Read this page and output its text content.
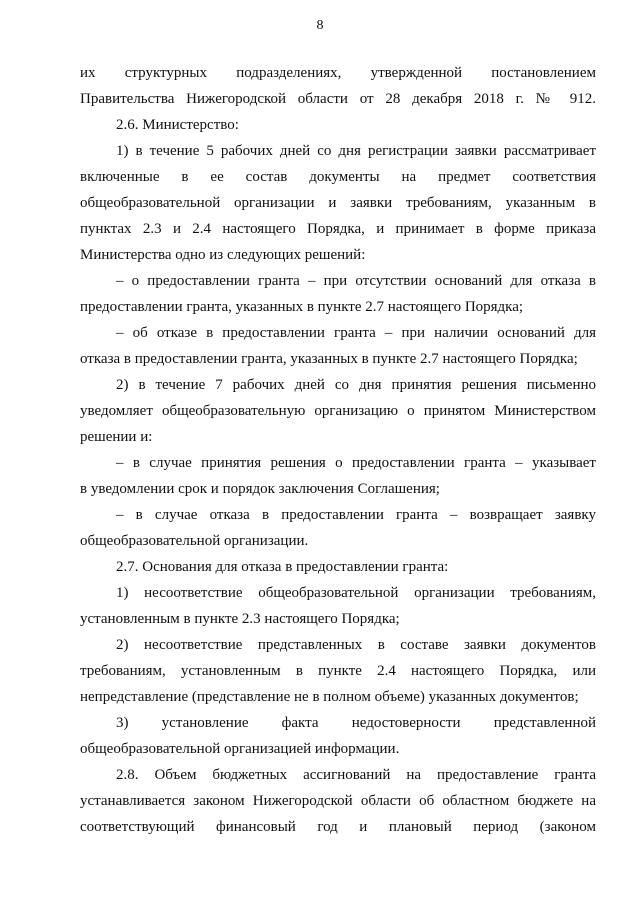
8
их структурных подразделениях, утвержденной постановлением
Правительства Нижегородской области от 28 декабря 2018 г. № 912.
2.6. Министерство:
1) в течение 5 рабочих дней со дня регистрации заявки рассматривает
включенные в ее состав документы на предмет соответствия
общеобразовательной организации и заявки требованиям, указанным в
пунктах 2.3 и 2.4 настоящего Порядка, и принимает в форме приказа
Министерства одно из следующих решений:
– о предоставлении гранта – при отсутствии оснований для отказа в
предоставлении гранта, указанных в пункте 2.7 настоящего Порядка;
– об отказе в предоставлении гранта – при наличии оснований для
отказа в предоставлении гранта, указанных в пункте 2.7 настоящего Порядка;
2) в течение 7 рабочих дней со дня принятия решения письменно
уведомляет общеобразовательную организацию о принятом Министерством
решении и:
– в случае принятия решения о предоставлении гранта – указывает
в уведомлении срок и порядок заключения Соглашения;
– в случае отказа в предоставлении гранта – возвращает заявку
общеобразовательной организации.
2.7. Основания для отказа в предоставлении гранта:
1) несоответствие общеобразовательной организации требованиям,
установленным в пункте 2.3 настоящего Порядка;
2) несоответствие представленных в составе заявки документов
требованиям, установленным в пункте 2.4 настоящего Порядка, или
непредставление (представление не в полном объеме) указанных документов;
3) установление факта недостоверности представленной
общеобразовательной организацией информации.
2.8. Объем бюджетных ассигнований на предоставление гранта
устанавливается законом Нижегородской области об областном бюджете на
соответствующий финансовый год и плановый период (законом
